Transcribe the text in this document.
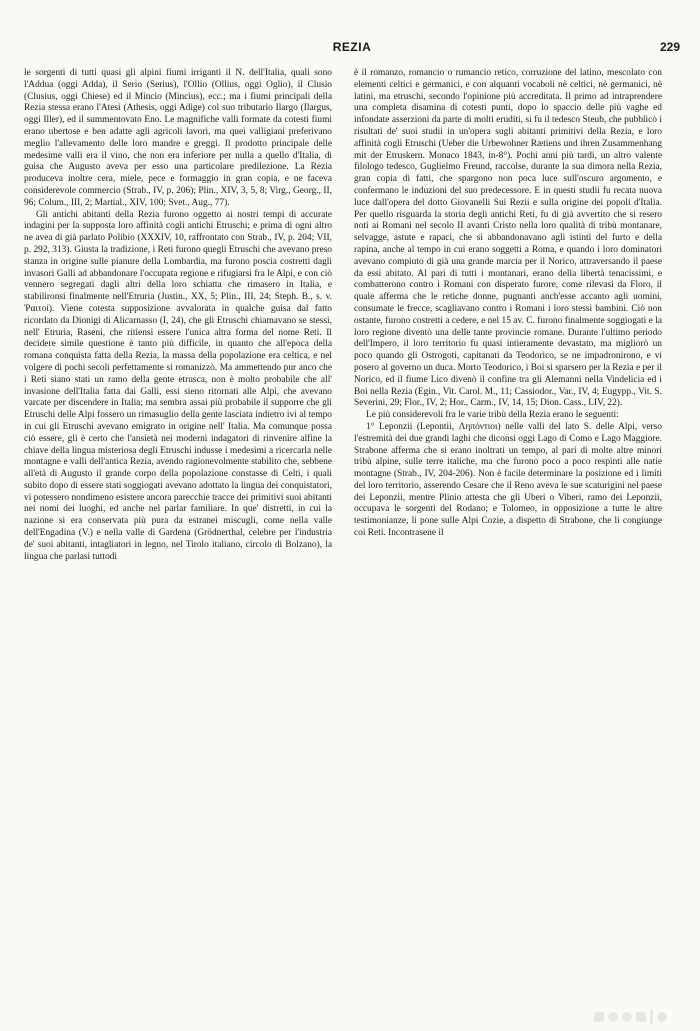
REZIA	229

le sorgenti di tutti quasi gli alpini fiumi irriganti il N. dell'Italia, quali sono l'Addua (oggi Adda), il Serio (Serius), l'Ollio (Ollius, oggi Oglio), il Clusio (Clusius, oggi Chiese) ed il Mincio (Mincius), ecc.; ma i fiumi principali della Rezia stessa erano l'Atesi (Athesis, oggi Adige) col suo tributario Ilargo (Ilargus, oggi Iller), ed il summentovato Eno. Le magnifiche valli formate da cotesti fiumi erano ubertose e ben adatte agli agricoli lavori, ma quei valligiani preferivano meglio l'allevamento delle loro mandre e greggi. Il prodotto principale delle medesime valli era il vino, che non era inferiore per nulla a quello d'Italia, di guisa che Augusto aveva per esso una particolare predilezione. La Rezia produceva inoltre cera, miele, pece e formaggio in gran copia, e ne faceva considerevole commercio (Strab., IV, p. 206); Plin., XIV, 3, 5, 8; Virg., Georg., II, 96; Colum., III, 2; Martial., XIV, 100; Svet., Aug., 77).

Gli antichi abitanti della Rezia furono oggetto ai nostri tempi di accurate indagini per la supposta loro affinità cogli antichi Etruschi; e prima di ogni altro ne avea di già parlato Polibio (XXXIV, 10, raffrontato con Strab., IV, p. 204; VII, p. 292, 313). Giusta la tradizione, i Reti furono quegli Etruschi che avevano preso stanza in origine sulle pianure della Lombardia, ma furono poscia costretti dagli invasori Galli ad abbandonare l'occupata regione e rifugiarsi fra le Alpi, e con ciò vennero segregati dagli altri della loro schiatta che rimasero in Italia, e stabilironsi finalmente nell'Etruria (Justin., XX, 5; Plin., III, 24; Steph. B., s. v. Ῥαιτοί). Viene cotesta supposizione avvalorata in qualche guisa dal fatto ricordato da Dionigi di Alicarnasso (I, 24), che gli Etruschi chiamavano se stessi, nell' Etruria, Raseni, che ritiensi essere l'unica altra forma del nome Reti. Il decidere simile questione è tanto più difficile, in quanto che all'epoca della romana conquista fatta della Rezia, la massa della popolazione era celtica, e nel volgere di pochi secoli perfettamente si romanizzò. Ma ammettendo pur anco che i Reti siano stati un ramo della gente etrusca, non è molto probabile che all' invasione dell'Italia fatta dai Galli, essi sieno ritornati alle Alpi, che avevano varcate per discendere in Italia; ma sembra assai più probabile il supporre che gli Etruschi delle Alpi fossero un rimasuglio della gente lasciata indietro ivi al tempo in cui gli Etruschi avevano emigrato in origine nell' Italia. Ma comunque possa ciò essere, gli è certo che l'ansietà nei moderni indagatori di rinvenire alfine la chiave della lingua misteriosa degli Etruschi indusse i medesimi a ricercarla nelle montagne e valli dell'antica Rezia, avendo ragionevolmente stabilito che, sebbene all'età di Augusto il grande corpo della popolazione constasse di Celti, i quali subito dopo di essere stati soggiogati avevano adottato la lingua dei conquistatori, vi potessero nondimeno esistere ancora parecchie tracce dei primitivi suoi abitanti nei nomi dei luoghi, ed anche nel parlar familiare. In que' distretti, in cui la nazione si era conservata più pura da estranei miscugli, come nella valle dell'Engadina (V.) e nella valle di Gardena (Grödnerthal, celebre per l'industria de' suoi abitanti, intagliatori in legno, nel Tirolo italiano, circolo di Bolzano), la lingua che parlasi tuttodì

è il romanzo, romancio o rumancio retico, corruzione del latino, mescolato con elementi celtici e germanici, e con alquanti vocaboli nè celtici, nè germanici, nè latini, ma etruschi, secondo l'opinione più accreditata. Il primo ad intraprendere una completa disamina di cotesti punti, dopo lo spaccio delle più vaghe ed infondate asserzioni da parte di molti eruditi, si fu il tedesco Steub, che pubblicò i risultati de' suoi studii in un'opera sugli abitanti primitivi della Rezia, e loro affinità cogli Etruschi (Ueber die Urbewohner Rætiens und ihren Zusammenhang mit der Etruskern. Monaco 1843, in-8°). Pochi anni più tardi, un altro valente filologo tedesco, Guglielmo Freund, raccolse, durante la sua dimora nella Rezia, gran copia di fatti, che spargono non poca luce sull'oscuro argomento, e confermano le induzioni del suo predecessore. E in questi studii fu recata nuova luce dall'opera del dotto Giovanelli Sui Rezii e sulla origine dei popoli d'Italia. Per quello risguarda la storia degli antichi Reti, fu di già avvertito che si resero noti ai Romani nel secolo II avanti Cristo nella loro qualità di tribù montanare, selvagge, astute e rapaci, che si abbandonavano agli istinti del furto e della rapina, anche al tempo in cui erano soggetti a Roma, e quando i loro dominatori avevano compiuto di già una grande marcia per il Norico, attraversando il paese da essi abitato. Al pari di tutti i montanari, erano della libertà tenacissimi, e combatterono contro i Romani con disperato furore, come rilevasi da Floro, il quale afferma che le retiche donne, pugnanti anch'esse accanto agli uomini, consumate le frecce, scagliavano contro i Romani i loro stessi bambini. Ciò non ostante, furono costretti a cedere, e nel 15 av. C. furono finalmente soggiogati e la loro regione diventò una delle tante provincie romane. Durante l'ultimo periodo dell'Impero, il loro territorio fu quasi intieramente devastato, ma migliorò un poco quando gli Ostrogoti, capitanati da Teodorico, se ne impadronirono, e vi posero al governo un duca. Morto Teodorico, i Boi si sparsero per la Rezia e per il Norico, ed il fiume Lico divenò il confine tra gli Alemanni nella Vindelicia ed i Boi nella Rezia (Egin., Vit. Carol. M., 11; Cassiodor., Var., IV, 4; Eugypp., Vit. S. Severini, 29; Flor., IV, 2; Hor., Carm., IV, 14, 15; Dion. Cass., LIV, 22).

Le più considerevoli fra le varie tribù della Rezia erano le seguenti:

1° Leponzii (Lepontii, Ληπόντιοι) nelle valli del lato S. delle Alpi, verso l'estremità dei due grandi laghi che diconsi oggi Lago di Como e Lago Maggiore. Strabone afferma che si erano inoltrati un tempo, al pari di molte altre minori tribù alpine, sulle terre italiche, ma che furono poco a poco respinti alle natie montagne (Strab., IV, 204-206). Non è facile determinare la posizione ed i limiti del loro territorio, asserendo Cesare che il Reno aveva le sue scaturigini nel paese dei Leponzii, mentre Plinio attesta che gli Uberi o Viberi, ramo dei Leponzii, occupava le sorgenti del Rodano; e Tolomeo, in opposizione a tutte le altre testimonianze, li pone sulle Alpi Cozie, a dispetto di Strabone, che li congiunge coi Reti. Incontrasene il
